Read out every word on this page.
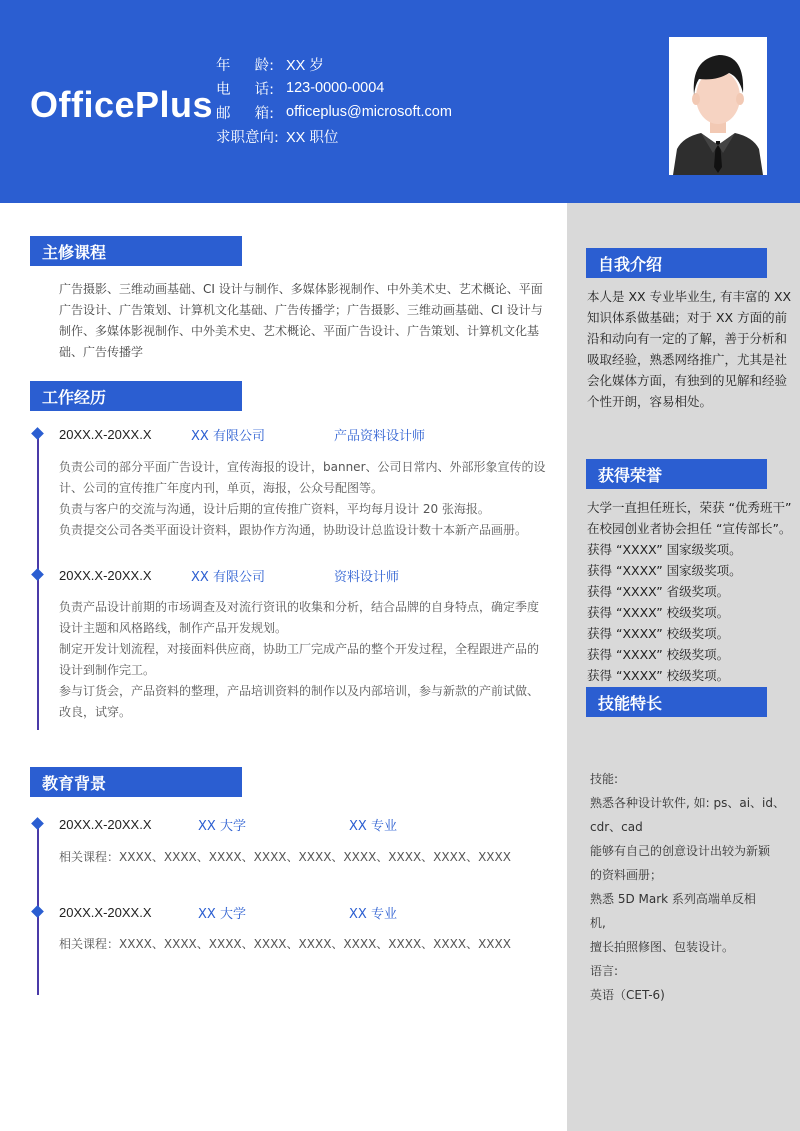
OfficePlus
年 龄: XX 岁
电 话: 123-0000-0004
邮 箱: officeplus@microsoft.com
求职意向: XX 职位
主修课程
广告摄影、三维动画基础、CI 设计与制作、多媒体影视制作、中外美术史、艺术概论、平面
广告设计、广告策划、计算机文化基础、广告传播学；广告摄影、三维动画基础、CI 设计与
制作、多媒体影视制作、中外美术史、艺术概论、平面广告设计、广告策划、计算机文化基
础、广告传播学
工作经历
20XX.X-20XX.X	XX 有限公司	产品资料设计师
负责公司的部分平面广告设计，宣传海报的设计，banner、公司日常内、外部形象宣传的设
计、公司的宣传推广年度内刊，单页，海报，公众号配图等。
负责与客户的交流与沟通，设计后期的宣传推广资料，平均每月设计 20 张海报。
负责提交公司各类平面设计资料，跟协作方沟通，协助设计总监设计数十本新产品画册。
20XX.X-20XX.X	XX 有限公司	资料设计师
负责产品设计前期的市场调查及对流行资讯的收集和分析，结合品牌的自身特点，确定季度
设计主题和风格路线，制作产品开发规划。
制定开发计划流程，对接面料供应商，协助工厂完成产品的整个开发过程，全程跟进产品的
设计到制作完工。
参与订货会，产品资料的整理，产品培训资料的制作以及内部培训，参与新款的产前试做、
改良，试穿。
教育背景
20XX.X-20XX.X	XX 大学	XX 专业
相关课程：XXXX、XXXX、XXXX、XXXX、XXXX、XXXX、XXXX、XXXX、XXXX
20XX.X-20XX.X	XX 大学	XX 专业
相关课程：XXXX、XXXX、XXXX、XXXX、XXXX、XXXX、XXXX、XXXX、XXXX
自我介绍
本人是 XX 专业毕业生, 有丰富的 XX
知识体系做基础；对于 XX 方面的前
沿和动向有一定的了解，善于分析和
吸取经验，熟悉网络推广，尤其是社
会化媒体方面，有独到的见解和经验
个性开朗，容易相处。
获得荣誉
大学一直担任班长，荣获 “优秀班干”
在校园创业者协会担任 “宣传部长”。
获得 “XXXX” 国家级奖项。
获得 “XXXX” 国家级奖项。
获得 “XXXX” 省级奖项。
获得 “XXXX” 校级奖项。
获得 “XXXX” 校级奖项。
获得 “XXXX” 校级奖项。
获得 “XXXX” 校级奖项。
技能特长
技能:
熟悉各种设计软件, 如: ps、ai、id、
cdr、cad
能够有自己的创意设计出较为新颖
的资料画册；
熟悉 5D Mark 系列高端单反相
机,
擅长拍照修图、包装设计。
语言:
英语（CET-6)
